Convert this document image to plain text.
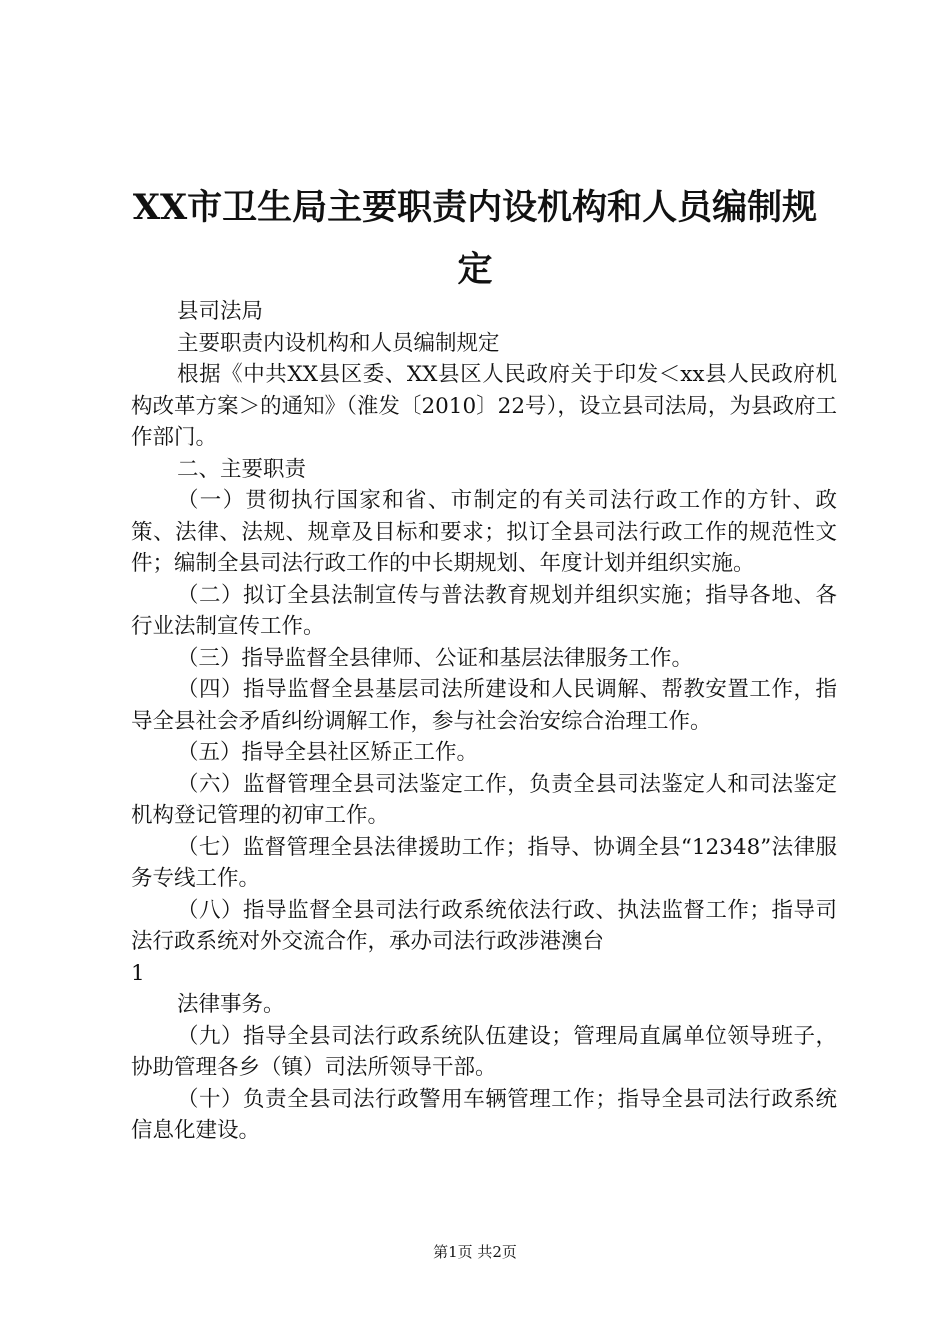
XX市卫生局主要职责内设机构和人员编制规
定

县司法局

主要职责内设机构和人员编制规定

根据《中共XX县区委、XX县区人民政府关于印发＜xx县人民政府机构改革方案＞的通知》（淮发〔2010〕22号），设立县司法局，为县政府工作部门。

二、主要职责

（一）贯彻执行国家和省、市制定的有关司法行政工作的方针、政策、法律、法规、规章及目标和要求；拟订全县司法行政工作的规范性文件；编制全县司法行政工作的中长期规划、年度计划并组织实施。

（二）拟订全县法制宣传与普法教育规划并组织实施；指导各地、各行业法制宣传工作。

（三）指导监督全县律师、公证和基层法律服务工作。

（四）指导监督全县基层司法所建设和人民调解、帮教安置工作，指导全县社会矛盾纠纷调解工作，参与社会治安综合治理工作。

（五）指导全县社区矫正工作。

（六）监督管理全县司法鉴定工作，负责全县司法鉴定人和司法鉴定机构登记管理的初审工作。

（七）监督管理全县法律援助工作；指导、协调全县“12348”法律服务专线工作。

（八）指导监督全县司法行政系统依法行政、执法监督工作；指导司法行政系统对外交流合作，承办司法行政涉港澳台

1

法律事务。

（九）指导全县司法行政系统队伍建设；管理局直属单位领导班子，协助管理各乡（镇）司法所领导干部。

（十）负责全县司法行政警用车辆管理工作；指导全县司法行政系统信息化建设。

第1页 共2页
